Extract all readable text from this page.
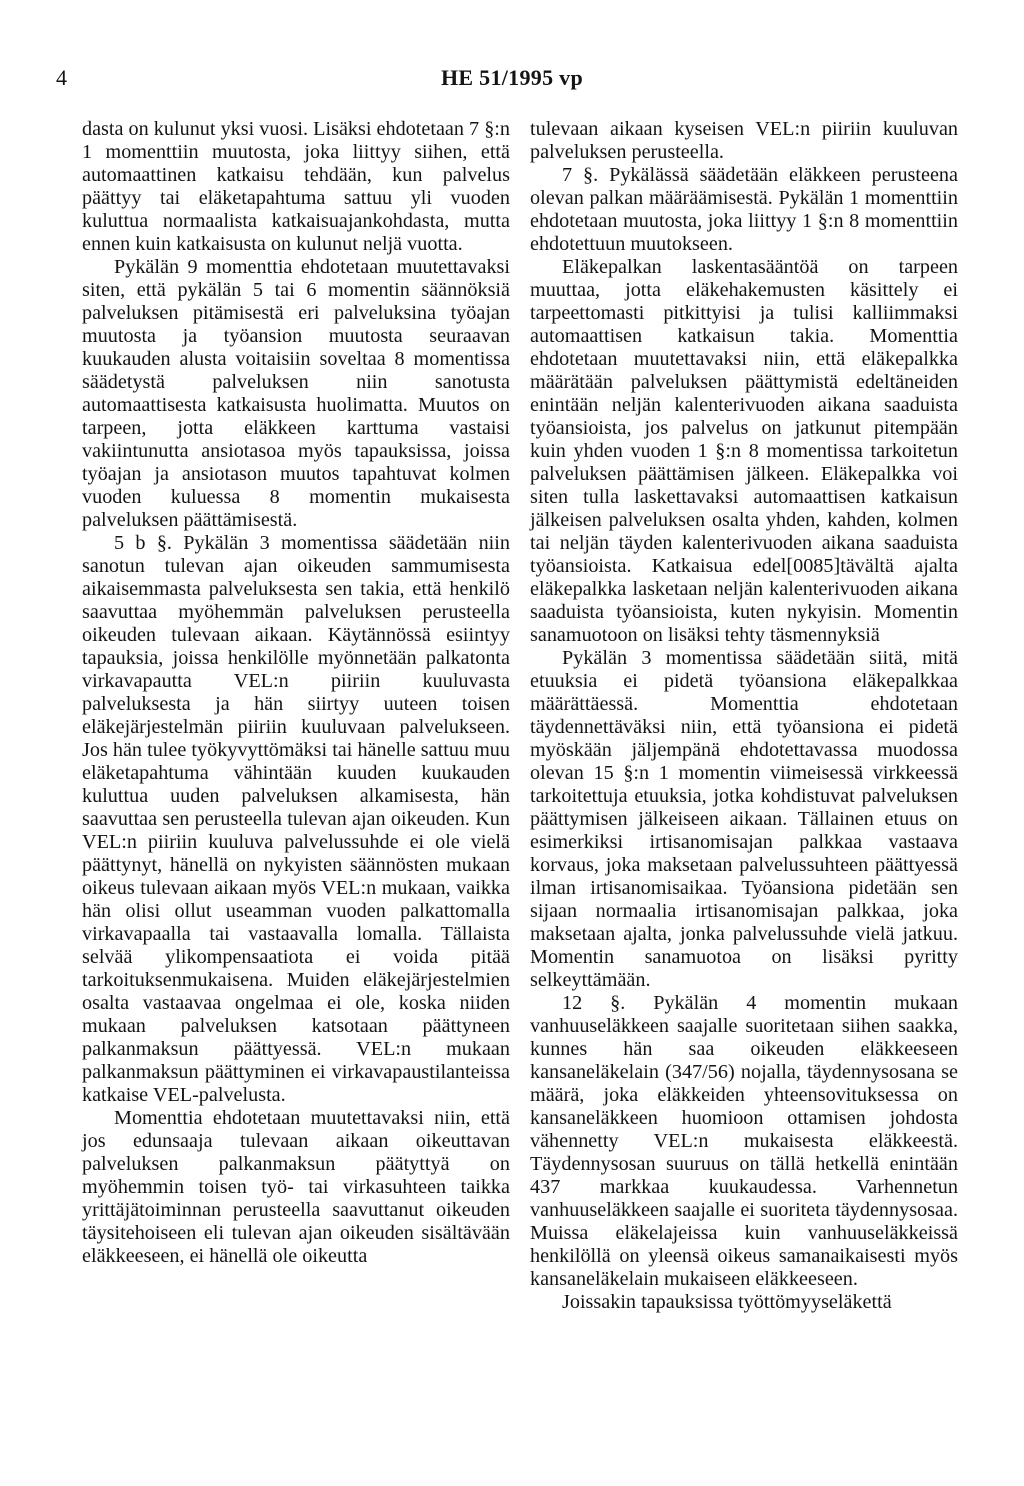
4	HE 51/1995 vp

dasta on kulunut yksi vuosi. Lisäksi ehdotetaan 7 §:n 1 momenttiin muutosta, joka liittyy siihen, että automaattinen katkaisu tehdään, kun palvelus päättyy tai eläketapahtuma sattuu yli vuoden kuluttua normaalista katkaisuajankohdasta, mutta ennen kuin katkaisusta on kulunut neljä vuotta.

Pykälän 9 momenttia ehdotetaan muutettavaksi siten, että pykälän 5 tai 6 momentin säännöksiä palveluksen pitämisestä eri palveluksina työajan muutosta ja työansion muutosta seuraavan kuukauden alusta voitaisiin soveltaa 8 momentissa säädetystä palveluksen niin sanotusta automaattisesta katkaisusta huolimatta. Muutos on tarpeen, jotta eläkkeen karttuma vastaisi vakiintunutta ansiotasoa myös tapauksissa, joissa työajan ja ansiotason muutos tapahtuvat kolmen vuoden kuluessa 8 momentin mukaisesta palveluksen päättämisestä.

5 b §. Pykälän 3 momentissa säädetään niin sanotun tulevan ajan oikeuden sammumisesta aikaisemmasta palveluksesta sen takia, että henkilö saavuttaa myöhemmän palveluksen perusteella oikeuden tulevaan aikaan. Käytännössä esiintyy tapauksia, joissa henkilölle myönnetään palkatonta virkavapautta VEL:n piiriin kuuluvasta palveluksesta ja hän siirtyy uuteen toisen eläkejärjestelmän piiriin kuuluvaan palvelukseen. Jos hän tulee työkyvyttömäksi tai hänelle sattuu muu eläketapahtuma vähintään kuuden kuukauden kuluttua uuden palveluksen alkamisesta, hän saavuttaa sen perusteella tulevan ajan oikeuden. Kun VEL:n piiriin kuuluva palvelussuhde ei ole vielä päättynyt, hänellä on nykyisten säännösten mukaan oikeus tulevaan aikaan myös VEL:n mukaan, vaikka hän olisi ollut useamman vuoden palkattomalla virkavapaalla tai vastaavalla lomalla. Tällaista selvää ylikompensaatiota ei voida pitää tarkoituksenmukaisena. Muiden eläkejärjestelmien osalta vastaavaa ongelmaa ei ole, koska niiden mukaan palveluksen katsotaan päättyneen palkanmaksun päättyessä. VEL:n mukaan palkanmaksun päättyminen ei virkavapaustilanteissa katkaise VEL-palvelusta.

Momenttia ehdotetaan muutettavaksi niin, että jos edunsaaja tulevaan aikaan oikeuttavan palveluksen palkanmaksun päätyttyä on myöhemmin toisen työ- tai virkasuhteen taikka yrittäjätoiminnan perusteella saavuttanut oikeuden täysitehoiseen eli tulevan ajan oikeuden sisältävään eläkkeeseen, ei hänellä ole oikeutta

tulevaan aikaan kyseisen VEL:n piiriin kuuluvan palveluksen perusteella.

7 §. Pykälässä säädetään eläkkeen perusteena olevan palkan määräämisestä. Pykälän 1 momenttiin ehdotetaan muutosta, joka liittyy 1 §:n 8 momenttiin ehdotettuun muutokseen.

Eläkepalkan laskentasääntöä on tarpeen muuttaa, jotta eläkehakemusten käsittely ei tarpeettomasti pitkittyisi ja tulisi kalliimmaksi automaattisen katkaisun takia. Momenttia ehdotetaan muutettavaksi niin, että eläkepalkka määrätään palveluksen päättymistä edeltäneiden enintään neljän kalenterivuoden aikana saaduista työansioista, jos palvelus on jatkunut pitempään kuin yhden vuoden 1 §:n 8 momentissa tarkoitetun palveluksen päättämisen jälkeen. Eläkepalkka voi siten tulla laskettavaksi automaattisen katkaisun jälkeisen palveluksen osalta yhden, kahden, kolmen tai neljän täyden kalenterivuoden aikana saaduista työansioista. Katkaisua edel[0085]tävältä ajalta eläkepalkka lasketaan neljän kalenterivuoden aikana saaduista työansioista, kuten nykyisin. Momentin sanamuotoon on lisäksi tehty täsmennyksiä

Pykälän 3 momentissa säädetään siitä, mitä etuuksia ei pidetä työansiona eläkepalkkaa määrättäessä. Momenttia ehdotetaan täydennettäväksi niin, että työansiona ei pidetä myöskään jäljempänä ehdotettavassa muodossa olevan 15 §:n 1 momentin viimeisessä virkkeessä tarkoitettuja etuuksia, jotka kohdistuvat palveluksen päättymisen jälkeiseen aikaan. Tällainen etuus on esimerkiksi irtisanomisajan palkkaa vastaava korvaus, joka maksetaan palvelussuhteen päättyessä ilman irtisanomisaikaa. Työansiona pidetään sen sijaan normaalia irtisanomisajan palkkaa, joka maksetaan ajalta, jonka palvelussuhde vielä jatkuu. Momentin sanamuotoa on lisäksi pyritty selkeyttämään.

12 §. Pykälän 4 momentin mukaan vanhuuseläkkeen saajalle suoritetaan siihen saakka, kunnes hän saa oikeuden eläkkeeseen kansaneläkelain (347/56) nojalla, täydennysosana se määrä, joka eläkkeiden yhteensovituksessa on kansaneläkkeen huomioon ottamisen johdosta vähennetty VEL:n mukaisesta eläkkeestä. Täydennysosan suuruus on tällä hetkellä enintään 437 markkaa kuukaudessa. Varhennetun vanhuuseläkkeen saajalle ei suoriteta täydennysosaa. Muissa eläkelajeissa kuin vanhuuseläkkeissä henkilöllä on yleensä oikeus samanaikaisesti myös kansaneläkelain mukaiseen eläkkeeseen.

Joissakin tapauksissa työttömyyseläkettä
